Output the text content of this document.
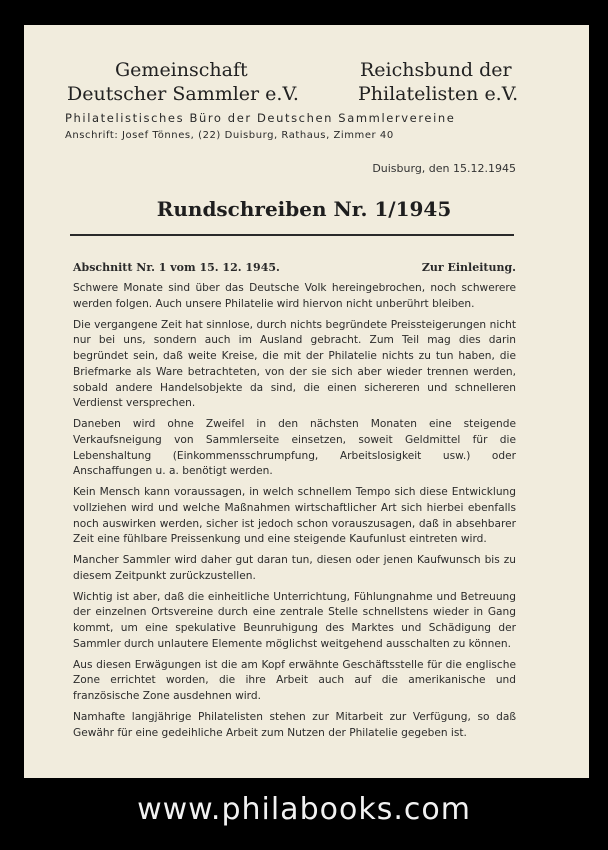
Gemeinschaft
Deutscher Sammler e.V.
Reichsbund der
Philatelisten e.V.
Philatelistisches Büro der Deutschen Sammlervereine
Anschrift: Josef Tönnes, (22) Duisburg, Rathaus, Zimmer 40
Duisburg, den 15.12.1945
Rundschreiben Nr. 1/1945
Abschnitt Nr. 1 vom 15. 12. 1945.	Zur Einleitung.

Schwere Monate sind über das Deutsche Volk hereingebrochen, noch schwerere werden folgen. Auch unsere Philatelie wird hiervon nicht unberührt bleiben.

Die vergangene Zeit hat sinnlose, durch nichts begründete Preissteigerungen nicht nur bei uns, sondern auch im Ausland gebracht. Zum Teil mag dies darin begründet sein, daß weite Kreise, die mit der Philatelie nichts zu tun haben, die Briefmarke als Ware betrachteten, von der sie sich aber wieder trennen werden, sobald andere Handelsobjekte da sind, die einen sichereren und schnelleren Verdienst versprechen.

Daneben wird ohne Zweifel in den nächsten Monaten eine steigende Verkaufsneigung von Sammlerseite einsetzen, soweit Geldmittel für die Lebenshaltung (Einkommensschrumpfung, Arbeitslosigkeit usw.) oder Anschaffungen u. a. benötigt werden.

Kein Mensch kann voraussagen, in welch schnellem Tempo sich diese Entwicklung vollziehen wird und welche Maßnahmen wirtschaftlicher Art sich hierbei ebenfalls noch auswirken werden, sicher ist jedoch schon vorauszusagen, daß in absehbarer Zeit eine fühlbare Preissenkung und eine steigende Kaufunlust eintreten wird.

Mancher Sammler wird daher gut daran tun, diesen oder jenen Kaufwunsch bis zu diesem Zeitpunkt zurückzustellen.

Wichtig ist aber, daß die einheitliche Unterrichtung, Fühlungnahme und Betreuung der einzelnen Ortsvereine durch eine zentrale Stelle schnellstens wieder in Gang kommt, um eine spekulative Beunruhigung des Marktes und Schädigung der Sammler durch unlautere Elemente möglichst weitgehend ausschalten zu können.

Aus diesen Erwägungen ist die am Kopf erwähnte Geschäftsstelle für die englische Zone errichtet worden, die ihre Arbeit auch auf die amerikanische und französische Zone ausdehnen wird.

Namhafte langjährige Philatelisten stehen zur Mitarbeit zur Verfügung, so daß Gewähr für eine gedeihliche Arbeit zum Nutzen der Philatelie gegeben ist.

www.philabooks.com
